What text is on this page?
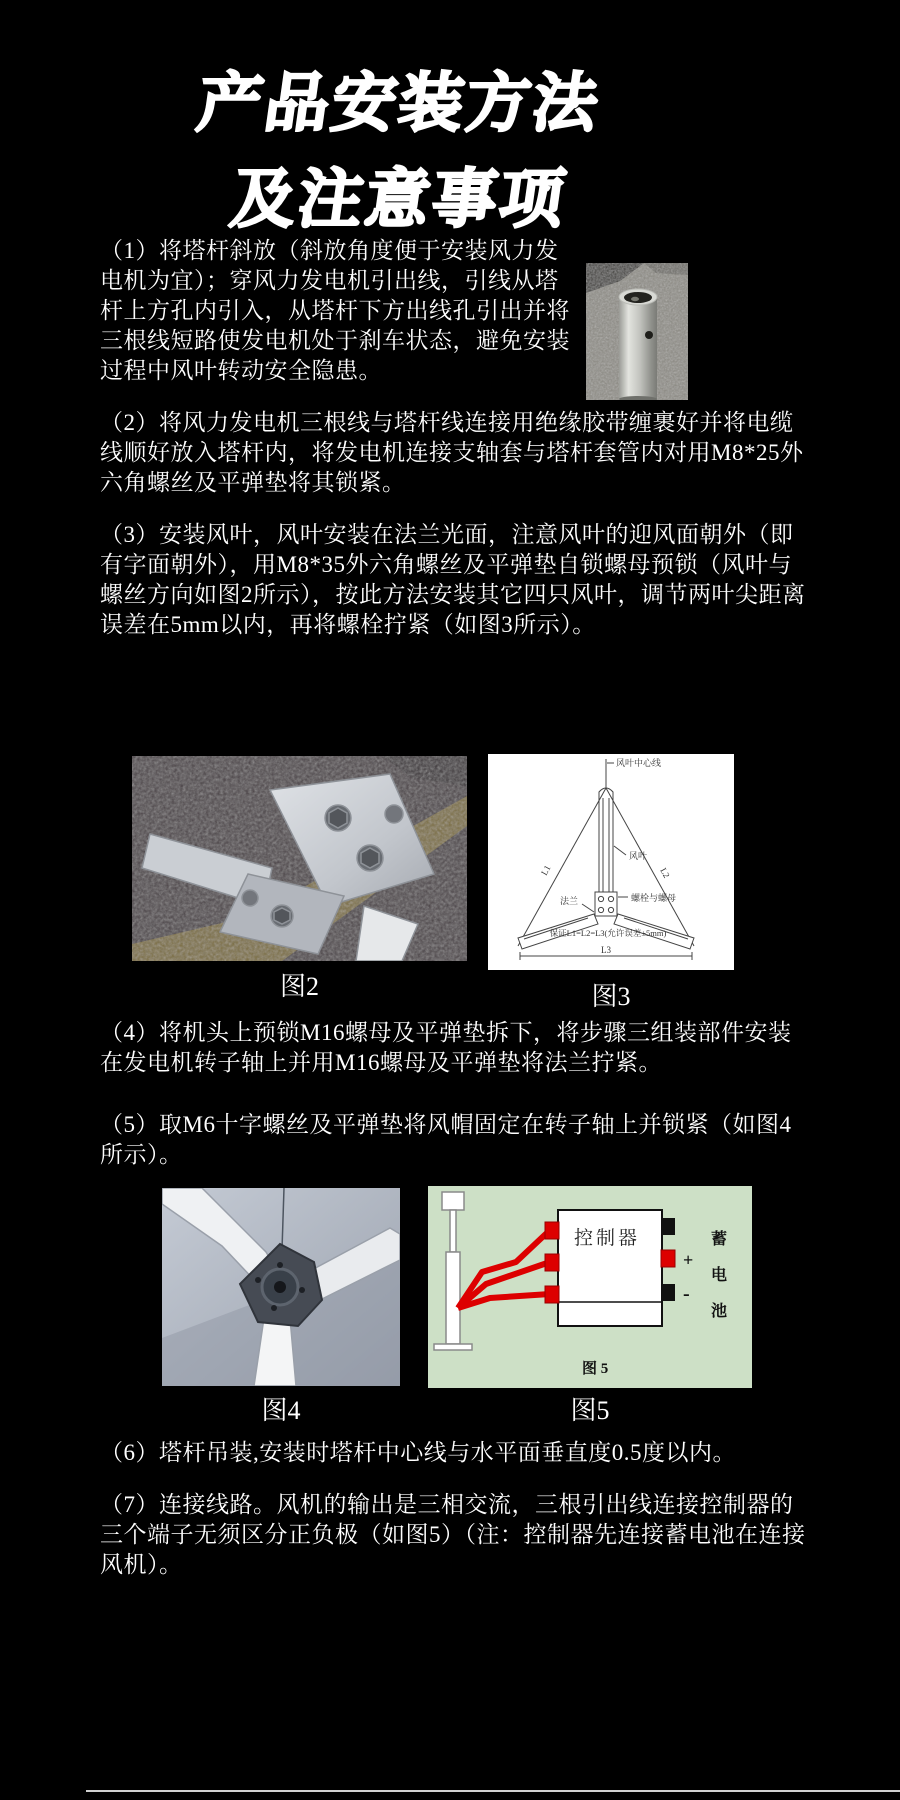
产品安装方法
及注意事项
（1）将塔杆斜放（斜放角度便于安装风力发电机为宜）；穿风力发电机引出线，引线从塔杆上方孔内引入，从塔杆下方出线孔引出并将三根线短路使发电机处于刹车状态，避免安装过程中风叶转动安全隐患。
（2）将风力发电机三根线与塔杆线连接用绝缘胶带缠裹好并将电缆线顺好放入塔杆内，将发电机连接支轴套与塔杆套管内对用M8*25外六角螺丝及平弹垫将其锁紧。
（3）安装风叶，风叶安装在法兰光面，注意风叶的迎风面朝外（即有字面朝外），用M8*35外六角螺丝及平弹垫自锁螺母预锁（风叶与螺丝方向如图2所示），按此方法安装其它四只风叶，调节两叶尖距离误差在5mm以内，再将螺栓拧紧（如图3所示）。
风叶中心线
风叶
螺栓与螺母
法兰
L1	L2
L3
保证L1=L2=L3(允许误差±5mm)
图2	图3
（4）将机头上预锁M16螺母及平弹垫拆下，将步骤三组装部件安装在发电机转子轴上并用M16螺母及平弹垫将法兰拧紧。
（5）取M6十字螺丝及平弹垫将风帽固定在转子轴上并锁紧（如图4所示）。
控制器
+
-
蓄
电
池
图 5
图4	图5
（6）塔杆吊装,安装时塔杆中心线与水平面垂直度0.5度以内。
（7）连接线路。风机的输出是三相交流，三根引出线连接控制器的三个端子无须区分正负极（如图5）（注：控制器先连接蓄电池在连接风机）。
